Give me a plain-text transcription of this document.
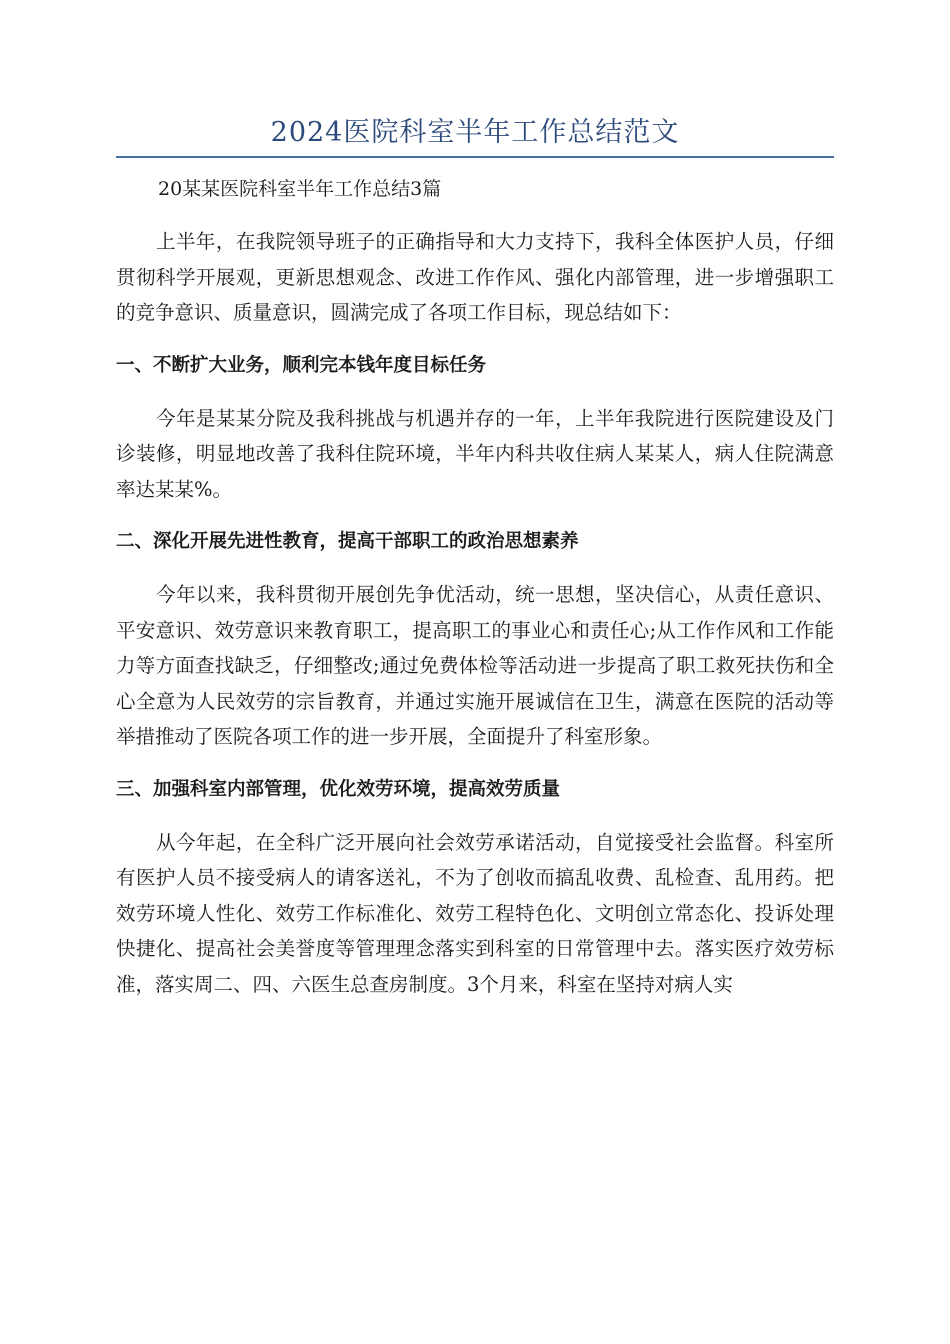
2024医院科室半年工作总结范文

20某某医院科室半年工作总结3篇

上半年，在我院领导班子的正确指导和大力支持下，我科全体医护人员，仔细贯彻科学开展观，更新思想观念、改进工作作风、强化内部管理，进一步增强职工的竞争意识、质量意识，圆满完成了各项工作目标，现总结如下：

一、不断扩大业务，顺利完本钱年度目标任务

今年是某某分院及我科挑战与机遇并存的一年，上半年我院进行医院建设及门诊装修，明显地改善了我科住院环境，半年内科共收住病人某某人，病人住院满意率达某某%。

二、深化开展先进性教育，提高干部职工的政治思想素养

今年以来，我科贯彻开展创先争优活动，统一思想，坚决信心，从责任意识、平安意识、效劳意识来教育职工，提高职工的事业心和责任心;从工作作风和工作能力等方面查找缺乏，仔细整改;通过免费体检等活动进一步提高了职工救死扶伤和全心全意为人民效劳的宗旨教育，并通过实施开展诚信在卫生，满意在医院的活动等举措推动了医院各项工作的进一步开展，全面提升了科室形象。

三、加强科室内部管理，优化效劳环境，提高效劳质量

从今年起，在全科广泛开展向社会效劳承诺活动，自觉接受社会监督。科室所有医护人员不接受病人的请客送礼，不为了创收而搞乱收费、乱检查、乱用药。把效劳环境人性化、效劳工作标准化、效劳工程特色化、文明创立常态化、投诉处理快捷化、提高社会美誉度等管理理念落实到科室的日常管理中去。落实医疗效劳标准，落实周二、四、六医生总查房制度。3个月来，科室在坚持对病人实
